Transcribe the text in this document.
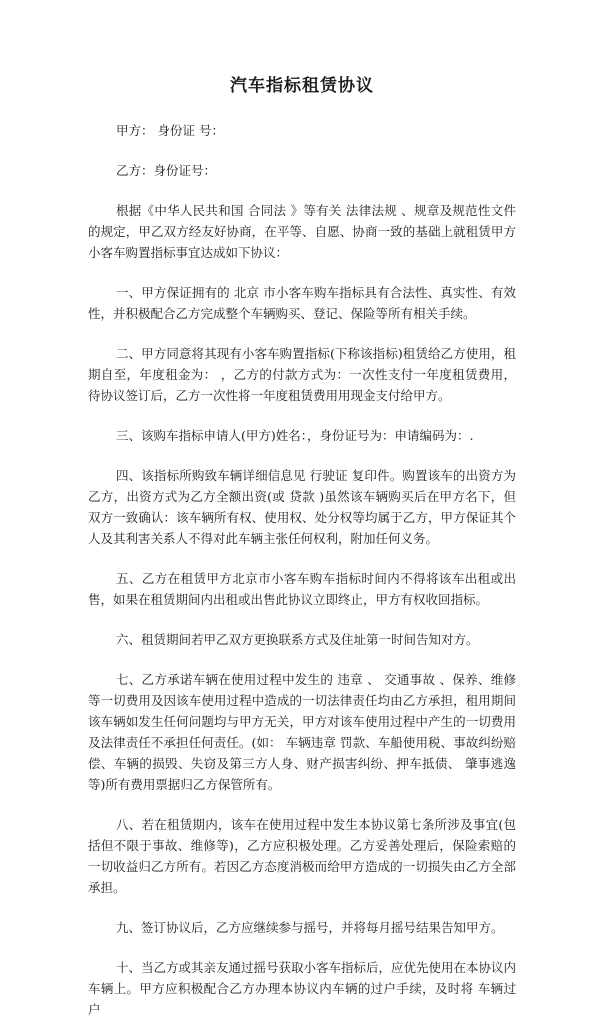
汽车指标租赁协议

甲方： 身份证 号：

乙方：身份证号：

根据《中华人民共和国 合同法 》等有关 法律法规 、规章及规范性文件的规定，甲乙双方经友好协商，在平等、自愿、协商一致的基础上就租赁甲方小客车购置指标事宜达成如下协议：

一、甲方保证拥有的 北京 市小客车购车指标具有合法性、真实性、有效性，并积极配合乙方完成整个车辆购买、登记、保险等所有相关手续。

二、甲方同意将其现有小客车购置指标(下称该指标)租赁给乙方使用，租期自至，年度租金为： ，乙方的付款方式为：一次性支付一年度租赁费用，待协议签订后，乙方一次性将一年度租赁费用用现金支付给甲方。

三、该购车指标申请人(甲方)姓名：，身份证号为：申请编码为：.

四、该指标所购致车辆详细信息见 行驶证 复印件。购置该车的出资方为乙方，出资方式为乙方全额出资(或 贷款 )虽然该车辆购买后在甲方名下，但双方一致确认：该车辆所有权、使用权、处分权等均属于乙方，甲方保证其个人及其利害关系人不得对此车辆主张任何权利，附加任何义务。

五、乙方在租赁甲方北京市小客车购车指标时间内不得将该车出租或出售，如果在租赁期间内出租或出售此协议立即终止，甲方有权收回指标。

六、租赁期间若甲乙双方更换联系方式及住址第一时间告知对方。

七、乙方承诺车辆在使用过程中发生的 违章 、 交通事故 、保养、维修等一切费用及因该车使用过程中造成的一切法律责任均由乙方承担，租用期间该车辆如发生任何问题均与甲方无关，甲方对该车使用过程中产生的一切费用及法律责任不承担任何责任。(如： 车辆违章 罚款、车船使用税、事故纠纷赔偿、车辆的损毁、失窃及第三方人身、财产损害纠纷、押车抵债、 肇事逃逸等)所有费用票据归乙方保管所有。

八、若在租赁期内，该车在使用过程中发生本协议第七条所涉及事宜(包括但不限于事故、维修等)，乙方应积极处理。乙方妥善处理后，保险索赔的一切收益归乙方所有。若因乙方态度消极而给甲方造成的一切损失由乙方全部承担。

九、签订协议后，乙方应继续参与摇号，并将每月摇号结果告知甲方。

十、当乙方或其亲友通过摇号获取小客车指标后，应优先使用在本协议内车辆上。甲方应积极配合乙方办理本协议内车辆的过户手续，及时将 车辆过户
